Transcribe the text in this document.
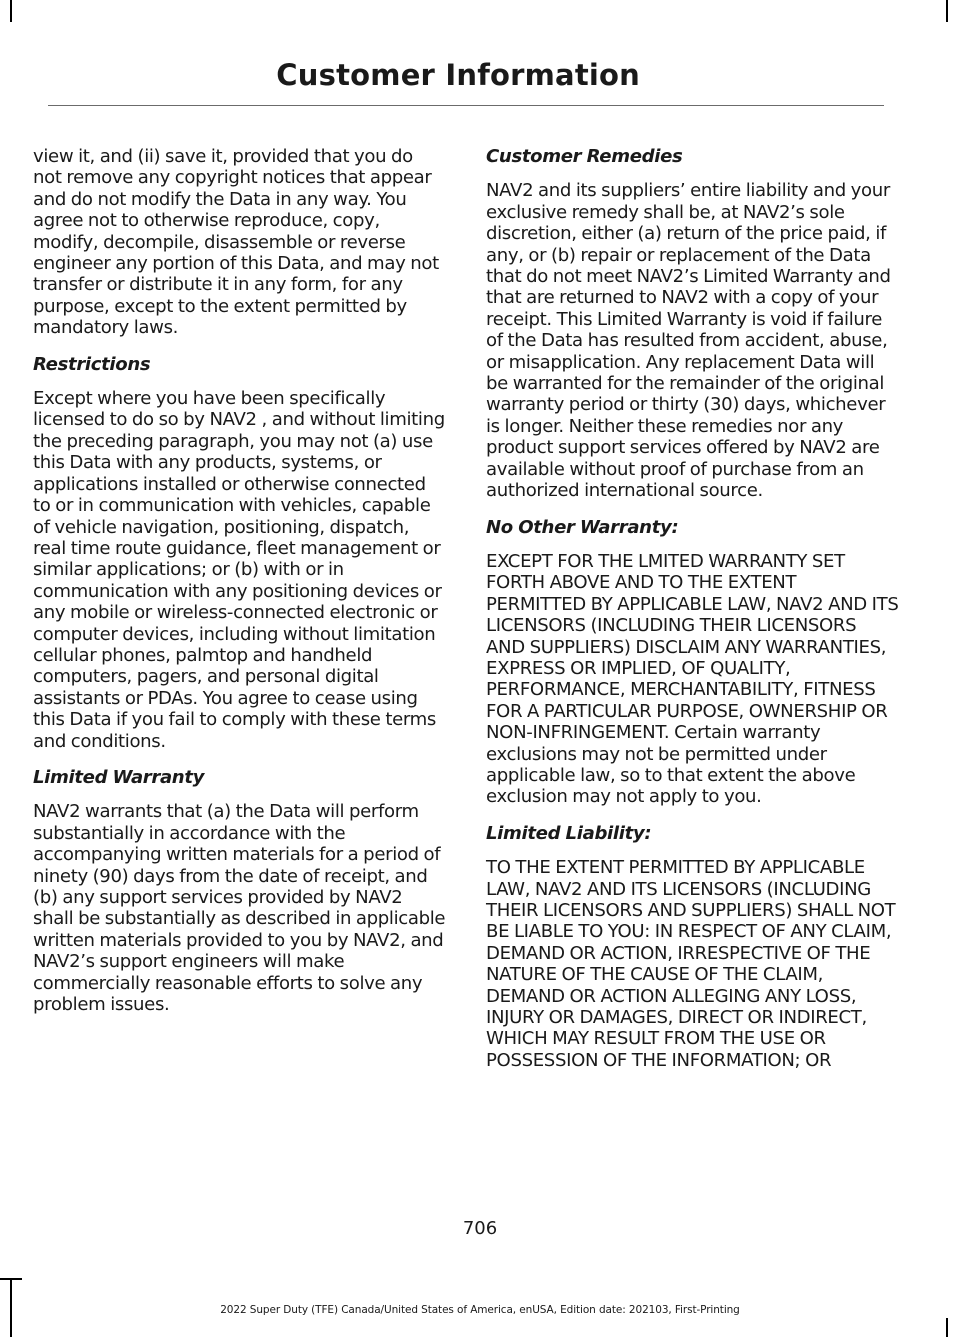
Customer Information

view it, and (ii) save it, provided that you do not remove any copyright notices that appear and do not modify the Data in any way. You agree not to otherwise reproduce, copy, modify, decompile, disassemble or reverse engineer any portion of this Data, and may not transfer or distribute it in any form, for any purpose, except to the extent permitted by mandatory laws.

Restrictions

Except where you have been specifically licensed to do so by NAV2 , and without limiting the preceding paragraph, you may not (a) use this Data with any products, systems, or applications installed or otherwise connected to or in communication with vehicles, capable of vehicle navigation, positioning, dispatch, real time route guidance, fleet management or similar applications; or (b) with or in communication with any positioning devices or any mobile or wireless-connected electronic or computer devices, including without limitation cellular phones, palmtop and handheld computers, pagers, and personal digital assistants or PDAs. You agree to cease using this Data if you fail to comply with these terms and conditions.

Limited Warranty

NAV2 warrants that (a) the Data will perform substantially in accordance with the accompanying written materials for a period of ninety (90) days from the date of receipt, and (b) any support services provided by NAV2 shall be substantially as described in applicable written materials provided to you by NAV2, and NAV2’s support engineers will make commercially reasonable efforts to solve any problem issues.

Customer Remedies

NAV2 and its suppliers’ entire liability and your exclusive remedy shall be, at NAV2’s sole discretion, either (a) return of the price paid, if any, or (b) repair or replacement of the Data that do not meet NAV2’s Limited Warranty and that are returned to NAV2 with a copy of your receipt. This Limited Warranty is void if failure of the Data has resulted from accident, abuse, or misapplication. Any replacement Data will be warranted for the remainder of the original warranty period or thirty (30) days, whichever is longer. Neither these remedies nor any product support services offered by NAV2 are available without proof of purchase from an authorized international source.

No Other Warranty:

EXCEPT FOR THE LMITED WARRANTY SET FORTH ABOVE AND TO THE EXTENT PERMITTED BY APPLICABLE LAW, NAV2 AND ITS LICENSORS (INCLUDING THEIR LICENSORS AND SUPPLIERS) DISCLAIM ANY WARRANTIES, EXPRESS OR IMPLIED, OF QUALITY, PERFORMANCE, MERCHANTABILITY, FITNESS FOR A PARTICULAR PURPOSE, OWNERSHIP OR NON-INFRINGEMENT. Certain warranty exclusions may not be permitted under applicable law, so to that extent the above exclusion may not apply to you.

Limited Liability:

TO THE EXTENT PERMITTED BY APPLICABLE LAW, NAV2 AND ITS LICENSORS (INCLUDING THEIR LICENSORS AND SUPPLIERS) SHALL NOT BE LIABLE TO YOU: IN RESPECT OF ANY CLAIM, DEMAND OR ACTION, IRRESPECTIVE OF THE NATURE OF THE CAUSE OF THE CLAIM, DEMAND OR ACTION ALLEGING ANY LOSS, INJURY OR DAMAGES, DIRECT OR INDIRECT, WHICH MAY RESULT FROM THE USE OR POSSESSION OF THE INFORMATION; OR

706
2022 Super Duty (TFE) Canada/United States of America, enUSA, Edition date: 202103, First-Printing
